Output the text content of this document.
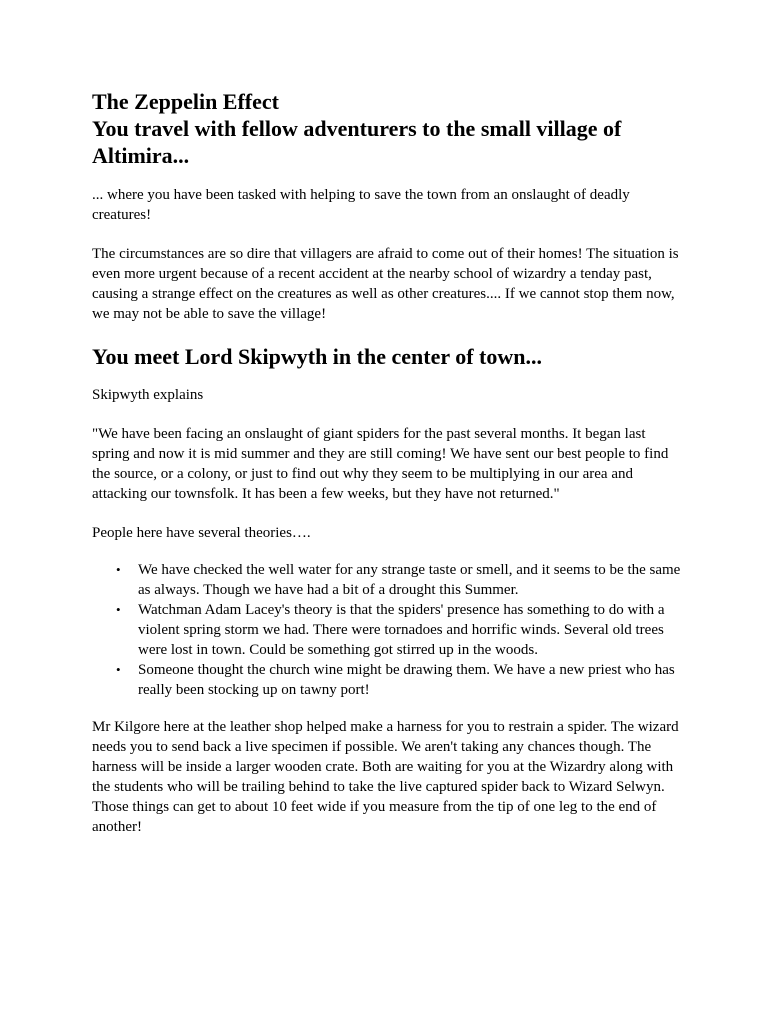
The Zeppelin Effect
You travel with fellow adventurers to the small village of Altimira...

... where you have been tasked with helping to save the town from an onslaught of deadly creatures!

The circumstances are so dire that villagers are afraid to come out of their homes! The situation is even more urgent because of a recent accident at the nearby school of wizardry a tenday past, causing a strange effect on the creatures as well as other creatures.... If we cannot stop them now, we may not be able to save the village!

You meet Lord Skipwyth in the center of town...

Skipwyth explains

"We have been facing an onslaught of giant spiders for the past several months. It began last spring and now it is mid summer and they are still coming! We have sent our best people to find the source, or a colony, or just to find out why they seem to be multiplying in our area and attacking our townsfolk. It has been a few weeks, but they have not returned."

People here have several theories….

• We have checked the well water for any strange taste or smell, and it seems to be the same as always. Though we have had a bit of a drought this Summer.
• Watchman Adam Lacey's theory is that the spiders' presence has something to do with a violent spring storm we had. There were tornadoes and horrific winds. Several old trees were lost in town. Could be something got stirred up in the woods.
• Someone thought the church wine might be drawing them. We have a new priest who has really been stocking up on tawny port!

Mr Kilgore here at the leather shop helped make a harness for you to restrain a spider. The wizard needs you to send back a live specimen if possible. We aren't taking any chances though. The harness will be inside a larger wooden crate. Both are waiting for you at the Wizardry along with the students who will be trailing behind to take the live captured spider back to Wizard Selwyn. Those things can get to about 10 feet wide if you measure from the tip of one leg to the end of another!
